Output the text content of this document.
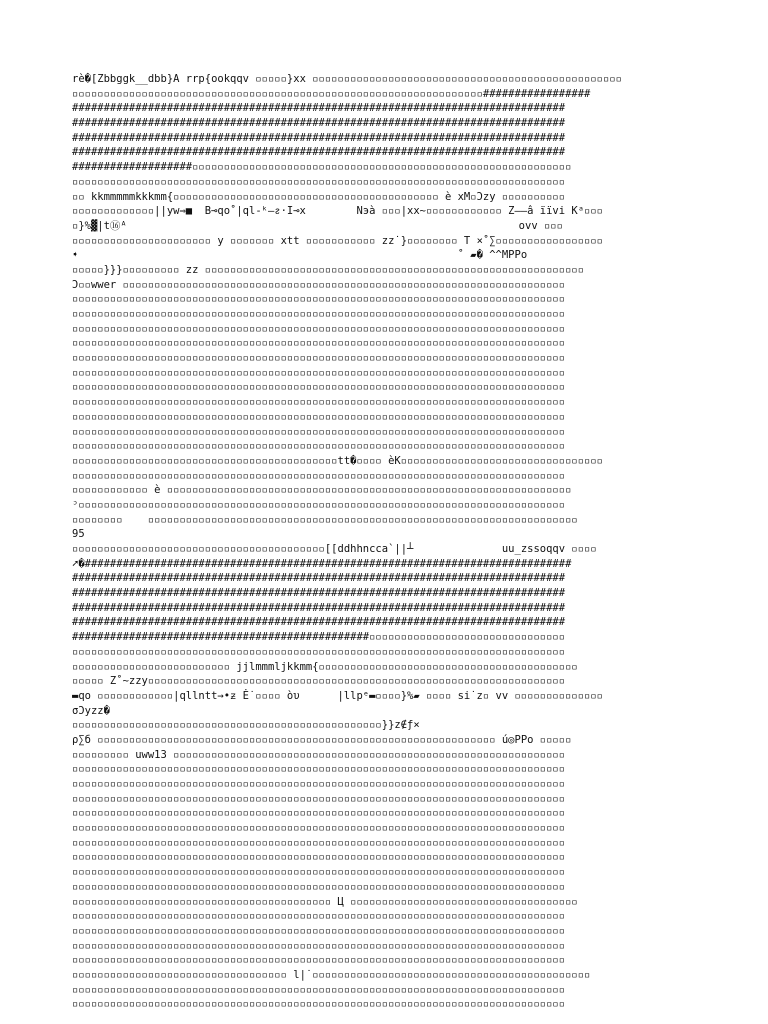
rè�[Zbbggk__dbb}A rrp{ookqqv ▫▫▫▫▫}xx ▫▫▫▫▫▫▫▫▫▫▫▫▫▫▫▫▫▫▫▫▫▫▫▫▫▫▫▫▫▫▫▫▫▫▫▫▫▫▫▫▫▫▫▫▫▫▫▫▫
▫▫▫▫▫▫▫▫▫▫▫▫▫▫▫▫▫▫▫▫▫▫▫▫▫▫▫▫▫▫▫▫▫▫▫▫▫▫▫▫▫▫▫▫▫▫▫▫▫▫▫▫▫▫▫▫▫▫▫▫▫▫▫▫▫#################
##############################################################################
##############################################################################
##############################################################################
##############################################################################
###################▫▫▫▫▫▫▫▫▫▫▫▫▫▫▫▫▫▫▫▫▫▫▫▫▫▫▫▫▫▫▫▫▫▫▫▫▫▫▫▫▫▫▫▫▫▫▫▫▫▫▫▫▫▫▫▫▫▫▫▫
▫▫▫▫▫▫▫▫▫▫▫▫▫▫▫▫▫▫▫▫▫▫▫▫▫▫▫▫▫▫▫▫▫▫▫▫▫▫▫▫▫▫▫▫▫▫▫▫▫▫▫▫▫▫▫▫▫▫▫▫▫▫▫▫▫▫▫▫▫▫▫▫▫▫▫▫▫▫
▫▫ kkmmmmmkkkmm{▫▫▫▫▫▫▫▫▫▫▫▫▫▫▫▫▫▫▫▫▫▫▫▫▫▫▫▫▫▫▫▫▫▫▫▫▫▫▫▫▫▫ è xM▫Ͻzy ▫▫▫▫▫▫▫▫▫▫
▫▫▫▫▫▫▫▫▫▫▫▫▫||yw⇒■  B⊸qo˚|ql-ᵏ—ᴤ·I⊸x        Nэà ▫▫▫|xx~▫▫▫▫▫▫▫▫▫▫▫▫ Z——â ïïvi Kᵃ▫▫▫
▫}%▓|t⑯ᴬ                                                              ovv ▫▫▫
▫▫▫▫▫▫▫▫▫▫▫▫▫▫▫▫▫▫▫▫▫▫ y ▫▫▫▫▫▫▫ xtt ▫▫▫▫▫▫▫▫▫▫▫ zz˙}▫▫▫▫▫▫▫▫ T ×˚∑▫▫▫▫▫▫▫▫▫▫▫▫▫▫▫▫▫
➧                                                            ˚ ▰� ^^MPPo
▫▫▫▫▫}}}▫▫▫▫▫▫▫▫▫ zz ▫▫▫▫▫▫▫▫▫▫▫▫▫▫▫▫▫▫▫▫▫▫▫▫▫▫▫▫▫▫▫▫▫▫▫▫▫▫▫▫▫▫▫▫▫▫▫▫▫▫▫▫▫▫▫▫▫▫▫▫
Ͻ▫▫wwer ▫▫▫▫▫▫▫▫▫▫▫▫▫▫▫▫▫▫▫▫▫▫▫▫▫▫▫▫▫▫▫▫▫▫▫▫▫▫▫▫▫▫▫▫▫▫▫▫▫▫▫▫▫▫▫▫▫▫▫▫▫▫▫▫▫▫▫▫▫▫
▫▫▫▫▫▫▫▫▫▫▫▫▫▫▫▫▫▫▫▫▫▫▫▫▫▫▫▫▫▫▫▫▫▫▫▫▫▫▫▫▫▫▫▫▫▫▫▫▫▫▫▫▫▫▫▫▫▫▫▫▫▫▫▫▫▫▫▫▫▫▫▫▫▫▫▫▫▫
▫▫▫▫▫▫▫▫▫▫▫▫▫▫▫▫▫▫▫▫▫▫▫▫▫▫▫▫▫▫▫▫▫▫▫▫▫▫▫▫▫▫▫▫▫▫▫▫▫▫▫▫▫▫▫▫▫▫▫▫▫▫▫▫▫▫▫▫▫▫▫▫▫▫▫▫▫▫
▫▫▫▫▫▫▫▫▫▫▫▫▫▫▫▫▫▫▫▫▫▫▫▫▫▫▫▫▫▫▫▫▫▫▫▫▫▫▫▫▫▫▫▫▫▫▫▫▫▫▫▫▫▫▫▫▫▫▫▫▫▫▫▫▫▫▫▫▫▫▫▫▫▫▫▫▫▫
▫▫▫▫▫▫▫▫▫▫▫▫▫▫▫▫▫▫▫▫▫▫▫▫▫▫▫▫▫▫▫▫▫▫▫▫▫▫▫▫▫▫▫▫▫▫▫▫▫▫▫▫▫▫▫▫▫▫▫▫▫▫▫▫▫▫▫▫▫▫▫▫▫▫▫▫▫▫
▫▫▫▫▫▫▫▫▫▫▫▫▫▫▫▫▫▫▫▫▫▫▫▫▫▫▫▫▫▫▫▫▫▫▫▫▫▫▫▫▫▫▫▫▫▫▫▫▫▫▫▫▫▫▫▫▫▫▫▫▫▫▫▫▫▫▫▫▫▫▫▫▫▫▫▫▫▫
▫▫▫▫▫▫▫▫▫▫▫▫▫▫▫▫▫▫▫▫▫▫▫▫▫▫▫▫▫▫▫▫▫▫▫▫▫▫▫▫▫▫▫▫▫▫▫▫▫▫▫▫▫▫▫▫▫▫▫▫▫▫▫▫▫▫▫▫▫▫▫▫▫▫▫▫▫▫
▫▫▫▫▫▫▫▫▫▫▫▫▫▫▫▫▫▫▫▫▫▫▫▫▫▫▫▫▫▫▫▫▫▫▫▫▫▫▫▫▫▫▫▫▫▫▫▫▫▫▫▫▫▫▫▫▫▫▫▫▫▫▫▫▫▫▫▫▫▫▫▫▫▫▫▫▫▫
▫▫▫▫▫▫▫▫▫▫▫▫▫▫▫▫▫▫▫▫▫▫▫▫▫▫▫▫▫▫▫▫▫▫▫▫▫▫▫▫▫▫▫▫▫▫▫▫▫▫▫▫▫▫▫▫▫▫▫▫▫▫▫▫▫▫▫▫▫▫▫▫▫▫▫▫▫▫
▫▫▫▫▫▫▫▫▫▫▫▫▫▫▫▫▫▫▫▫▫▫▫▫▫▫▫▫▫▫▫▫▫▫▫▫▫▫▫▫▫▫▫▫▫▫▫▫▫▫▫▫▫▫▫▫▫▫▫▫▫▫▫▫▫▫▫▫▫▫▫▫▫▫▫▫▫▫
▫▫▫▫▫▫▫▫▫▫▫▫▫▫▫▫▫▫▫▫▫▫▫▫▫▫▫▫▫▫▫▫▫▫▫▫▫▫▫▫▫▫▫▫▫▫▫▫▫▫▫▫▫▫▫▫▫▫▫▫▫▫▫▫▫▫▫▫▫▫▫▫▫▫▫▫▫▫
▫▫▫▫▫▫▫▫▫▫▫▫▫▫▫▫▫▫▫▫▫▫▫▫▫▫▫▫▫▫▫▫▫▫▫▫▫▫▫▫▫▫▫▫▫▫▫▫▫▫▫▫▫▫▫▫▫▫▫▫▫▫▫▫▫▫▫▫▫▫▫▫▫▫▫▫▫▫
▫▫▫▫▫▫▫▫▫▫▫▫▫▫▫▫▫▫▫▫▫▫▫▫▫▫▫▫▫▫▫▫▫▫▫▫▫▫▫▫▫▫tt�▫▫▫▫ èK▫▫▫▫▫▫▫▫▫▫▫▫▫▫▫▫▫▫▫▫▫▫▫▫▫▫▫▫▫▫▫▫
▫▫▫▫▫▫▫▫▫▫▫▫▫▫▫▫▫▫▫▫▫▫▫▫▫▫▫▫▫▫▫▫▫▫▫▫▫▫▫▫▫▫▫▫▫▫▫▫▫▫▫▫▫▫▫▫▫▫▫▫▫▫▫▫▫▫▫▫▫▫▫▫▫▫▫▫▫▫
▫▫▫▫▫▫▫▫▫▫▫▫ è ▫▫▫▫▫▫▫▫▫▫▫▫▫▫▫▫▫▫▫▫▫▫▫▫▫▫▫▫▫▫▫▫▫▫▫▫▫▫▫▫▫▫▫▫▫▫▫▫▫▫▫▫▫▫▫▫▫▫▫▫▫▫▫▫
ᵓ▫▫▫▫▫▫▫▫▫▫▫▫▫▫▫▫▫▫▫▫▫▫▫▫▫▫▫▫▫▫▫▫▫▫▫▫▫▫▫▫▫▫▫▫▫▫▫▫▫▫▫▫▫▫▫▫▫▫▫▫▫▫▫▫▫▫▫▫▫▫▫▫▫▫▫▫▫
▫▫▫▫▫▫▫▫    ▫▫▫▫▫▫▫▫▫▫▫▫▫▫▫▫▫▫▫▫▫▫▫▫▫▫▫▫▫▫▫▫▫▫▫▫▫▫▫▫▫▫▫▫▫▫▫▫▫▫▫▫▫▫▫▫▫▫▫▫▫▫▫▫▫▫▫▫
95
▫▫▫▫▫▫▫▫▫▫▫▫▫▫▫▫▫▫▫▫▫▫▫▫▫▫▫▫▫▫▫▫▫▫▫▫▫▫▫▫[[ddhhncca`||┴              uu_zssoqqv ▫▫▫▫
➚�#############################################################################
##############################################################################
##############################################################################
##############################################################################
##############################################################################
###############################################▫▫▫▫▫▫▫▫▫▫▫▫▫▫▫▫▫▫▫▫▫▫▫▫▫▫▫▫▫▫▫
▫▫▫▫▫▫▫▫▫▫▫▫▫▫▫▫▫▫▫▫▫▫▫▫▫▫▫▫▫▫▫▫▫▫▫▫▫▫▫▫▫▫▫▫▫▫▫▫▫▫▫▫▫▫▫▫▫▫▫▫▫▫▫▫▫▫▫▫▫▫▫▫▫▫▫▫▫▫
▫▫▫▫▫▫▫▫▫▫▫▫▫▫▫▫▫▫▫▫▫▫▫▫▫ jjlmmmljkkmm{▫▫▫▫▫▫▫▫▫▫▫▫▫▫▫▫▫▫▫▫▫▫▫▫▫▫▫▫▫▫▫▫▫▫▫▫▫▫▫▫▫
▫▫▫▫▫ Z˚~zzy▫▫▫▫▫▫▫▫▫▫▫▫▫▫▫▫▫▫▫▫▫▫▫▫▫▫▫▫▫▫▫▫▫▫▫▫▫▫▫▫▫▫▫▫▫▫▫▫▫▫▫▫▫▫▫▫▫▫▫▫▫▫▫▫▫▫
▬qo ▫▫▫▫▫▫▫▫▫▫▫▫|qllntt→•ᵶ Ė˙▫▫▫▫ òυ      |llpᵉ▬▫▫▫▫}%▰ ▫▫▫▫ si˙z▫ vv ▫▫▫▫▫▫▫▫▫▫▫▫▫▫
σϽyzz�
▫▫▫▫▫▫▫▫▫▫▫▫▫▫▫▫▫▫▫▫▫▫▫▫▫▫▫▫▫▫▫▫▫▫▫▫▫▫▫▫▫▫▫▫▫▫▫▫▫}}z∉ƒ×
ρ∑б ▫▫▫▫▫▫▫▫▫▫▫▫▫▫▫▫▫▫▫▫▫▫▫▫▫▫▫▫▫▫▫▫▫▫▫▫▫▫▫▫▫▫▫▫▫▫▫▫▫▫▫▫▫▫▫▫▫▫▫▫▫▫▫ ú◎PPo ▫▫▫▫▫
▫▫▫▫▫▫▫▫▫ uww13 ▫▫▫▫▫▫▫▫▫▫▫▫▫▫▫▫▫▫▫▫▫▫▫▫▫▫▫▫▫▫▫▫▫▫▫▫▫▫▫▫▫▫▫▫▫▫▫▫▫▫▫▫▫▫▫▫▫▫▫▫▫▫
▫▫▫▫▫▫▫▫▫▫▫▫▫▫▫▫▫▫▫▫▫▫▫▫▫▫▫▫▫▫▫▫▫▫▫▫▫▫▫▫▫▫▫▫▫▫▫▫▫▫▫▫▫▫▫▫▫▫▫▫▫▫▫▫▫▫▫▫▫▫▫▫▫▫▫▫▫▫
▫▫▫▫▫▫▫▫▫▫▫▫▫▫▫▫▫▫▫▫▫▫▫▫▫▫▫▫▫▫▫▫▫▫▫▫▫▫▫▫▫▫▫▫▫▫▫▫▫▫▫▫▫▫▫▫▫▫▫▫▫▫▫▫▫▫▫▫▫▫▫▫▫▫▫▫▫▫
▫▫▫▫▫▫▫▫▫▫▫▫▫▫▫▫▫▫▫▫▫▫▫▫▫▫▫▫▫▫▫▫▫▫▫▫▫▫▫▫▫▫▫▫▫▫▫▫▫▫▫▫▫▫▫▫▫▫▫▫▫▫▫▫▫▫▫▫▫▫▫▫▫▫▫▫▫▫
▫▫▫▫▫▫▫▫▫▫▫▫▫▫▫▫▫▫▫▫▫▫▫▫▫▫▫▫▫▫▫▫▫▫▫▫▫▫▫▫▫▫▫▫▫▫▫▫▫▫▫▫▫▫▫▫▫▫▫▫▫▫▫▫▫▫▫▫▫▫▫▫▫▫▫▫▫▫
▫▫▫▫▫▫▫▫▫▫▫▫▫▫▫▫▫▫▫▫▫▫▫▫▫▫▫▫▫▫▫▫▫▫▫▫▫▫▫▫▫▫▫▫▫▫▫▫▫▫▫▫▫▫▫▫▫▫▫▫▫▫▫▫▫▫▫▫▫▫▫▫▫▫▫▫▫▫
▫▫▫▫▫▫▫▫▫▫▫▫▫▫▫▫▫▫▫▫▫▫▫▫▫▫▫▫▫▫▫▫▫▫▫▫▫▫▫▫▫▫▫▫▫▫▫▫▫▫▫▫▫▫▫▫▫▫▫▫▫▫▫▫▫▫▫▫▫▫▫▫▫▫▫▫▫▫
▫▫▫▫▫▫▫▫▫▫▫▫▫▫▫▫▫▫▫▫▫▫▫▫▫▫▫▫▫▫▫▫▫▫▫▫▫▫▫▫▫▫▫▫▫▫▫▫▫▫▫▫▫▫▫▫▫▫▫▫▫▫▫▫▫▫▫▫▫▫▫▫▫▫▫▫▫▫
▫▫▫▫▫▫▫▫▫▫▫▫▫▫▫▫▫▫▫▫▫▫▫▫▫▫▫▫▫▫▫▫▫▫▫▫▫▫▫▫▫▫▫▫▫▫▫▫▫▫▫▫▫▫▫▫▫▫▫▫▫▫▫▫▫▫▫▫▫▫▫▫▫▫▫▫▫▫
▫▫▫▫▫▫▫▫▫▫▫▫▫▫▫▫▫▫▫▫▫▫▫▫▫▫▫▫▫▫▫▫▫▫▫▫▫▫▫▫▫▫▫▫▫▫▫▫▫▫▫▫▫▫▫▫▫▫▫▫▫▫▫▫▫▫▫▫▫▫▫▫▫▫▫▫▫▫
▫▫▫▫▫▫▫▫▫▫▫▫▫▫▫▫▫▫▫▫▫▫▫▫▫▫▫▫▫▫▫▫▫▫▫▫▫▫▫▫▫ Ц ▫▫▫▫▫▫▫▫▫▫▫▫▫▫▫▫▫▫▫▫▫▫▫▫▫▫▫▫▫▫▫▫▫▫▫▫
▫▫▫▫▫▫▫▫▫▫▫▫▫▫▫▫▫▫▫▫▫▫▫▫▫▫▫▫▫▫▫▫▫▫▫▫▫▫▫▫▫▫▫▫▫▫▫▫▫▫▫▫▫▫▫▫▫▫▫▫▫▫▫▫▫▫▫▫▫▫▫▫▫▫▫▫▫▫
▫▫▫▫▫▫▫▫▫▫▫▫▫▫▫▫▫▫▫▫▫▫▫▫▫▫▫▫▫▫▫▫▫▫▫▫▫▫▫▫▫▫▫▫▫▫▫▫▫▫▫▫▫▫▫▫▫▫▫▫▫▫▫▫▫▫▫▫▫▫▫▫▫▫▫▫▫▫
▫▫▫▫▫▫▫▫▫▫▫▫▫▫▫▫▫▫▫▫▫▫▫▫▫▫▫▫▫▫▫▫▫▫▫▫▫▫▫▫▫▫▫▫▫▫▫▫▫▫▫▫▫▫▫▫▫▫▫▫▫▫▫▫▫▫▫▫▫▫▫▫▫▫▫▫▫▫
▫▫▫▫▫▫▫▫▫▫▫▫▫▫▫▫▫▫▫▫▫▫▫▫▫▫▫▫▫▫▫▫▫▫▫▫▫▫▫▫▫▫▫▫▫▫▫▫▫▫▫▫▫▫▫▫▫▫▫▫▫▫▫▫▫▫▫▫▫▫▫▫▫▫▫▫▫▫
▫▫▫▫▫▫▫▫▫▫▫▫▫▫▫▫▫▫▫▫▫▫▫▫▫▫▫▫▫▫▫▫▫▫ l|˙▫▫▫▫▫▫▫▫▫▫▫▫▫▫▫▫▫▫▫▫▫▫▫▫▫▫▫▫▫▫▫▫▫▫▫▫▫▫▫▫▫▫▫▫
▫▫▫▫▫▫▫▫▫▫▫▫▫▫▫▫▫▫▫▫▫▫▫▫▫▫▫▫▫▫▫▫▫▫▫▫▫▫▫▫▫▫▫▫▫▫▫▫▫▫▫▫▫▫▫▫▫▫▫▫▫▫▫▫▫▫▫▫▫▫▫▫▫▫▫▫▫▫
▫▫▫▫▫▫▫▫▫▫▫▫▫▫▫▫▫▫▫▫▫▫▫▫▫▫▫▫▫▫▫▫▫▫▫▫▫▫▫▫▫▫▫▫▫▫▫▫▫▫▫▫▫▫▫▫▫▫▫▫▫▫▫▫▫▫▫▫▫▫▫▫▫▫▫▫▫▫
